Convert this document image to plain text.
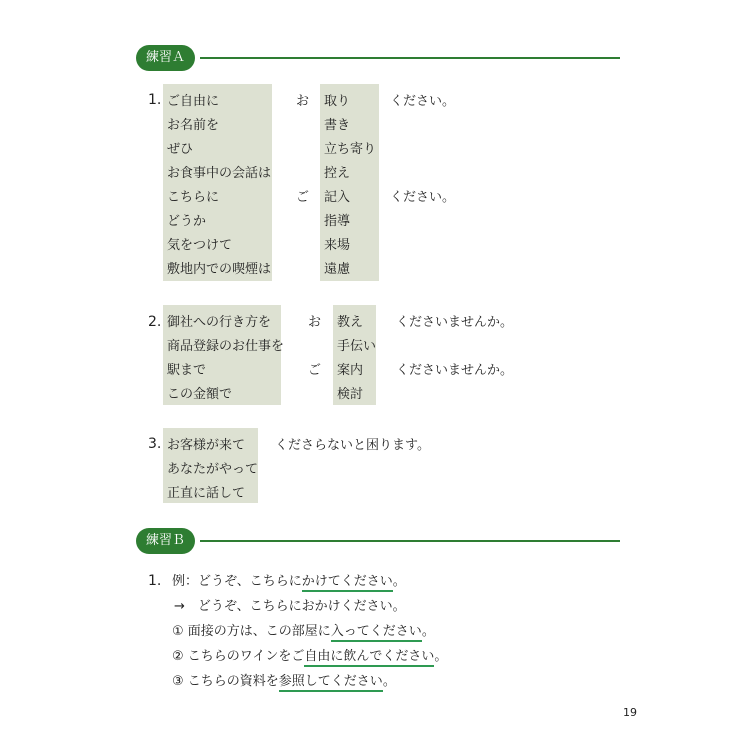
練習Ａ
1. ご自由に
お名前を
ぜひ
お食事中の会話は
こちらに
どうか
気をつけて
敷地内での喫煙は
お
ご
取り
書き
立ち寄り
控え
記入
指導
来場
遠慮
ください。
ください。
2. 御社への行き方を
商品登録のお仕事を
駅まで
この金額で
お
ご
教え
手伝い
案内
検討
くださいませんか。
くださいませんか。
3. お客様が来て
あなたがやって
正直に話して
くださらないと困ります。
練習Ｂ
1. 例：どうぞ、こちらにかけてください。
→　どうぞ、こちらにおかけください。
① 面接の方は、この部屋に入ってください。
② こちらのワインをご自由に飲んでください。
③ こちらの資料を参照してください。
19
